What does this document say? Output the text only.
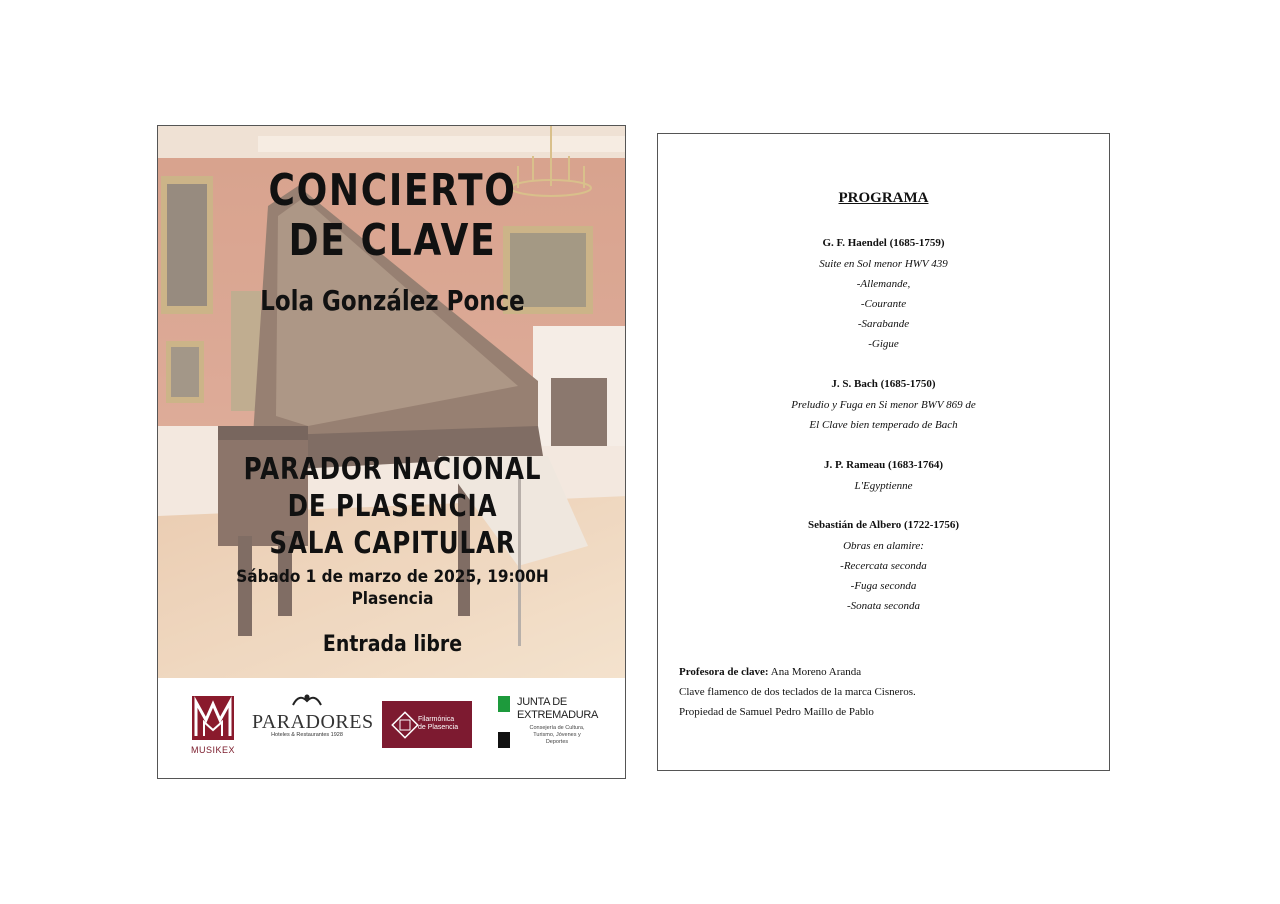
CONCIERTO
DE CLAVE
Lola González Ponce
PARADOR NACIONAL
DE PLASENCIA
SALA CAPITULAR
Sábado 1 de marzo de 2025, 19:00H
Plasencia
Entrada libre
MUSIKEX
PARADORES
Hoteles & Restaurantes 1928
Filarmónica
de Plasencia
JUNTA DE
EXTREMADURA
Consejería de Cultura,
Turismo, Jóvenes y
Deportes
PROGRAMA
G. F. Haendel (1685-1759)
Suite en Sol menor HWV 439
-Allemande,
-Courante
-Sarabande
-Gigue
J. S. Bach (1685-1750)
Preludio y Fuga en Si menor BWV 869 de
El Clave bien temperado de Bach
J. P. Rameau (1683-1764)
L'Egyptienne
Sebastián de Albero (1722-1756)
Obras en alamire:
-Recercata seconda
-Fuga seconda
-Sonata seconda
Profesora de clave: Ana Moreno Aranda
Clave flamenco de dos teclados de la marca Cisneros.
Propiedad de Samuel Pedro Maíllo de Pablo
